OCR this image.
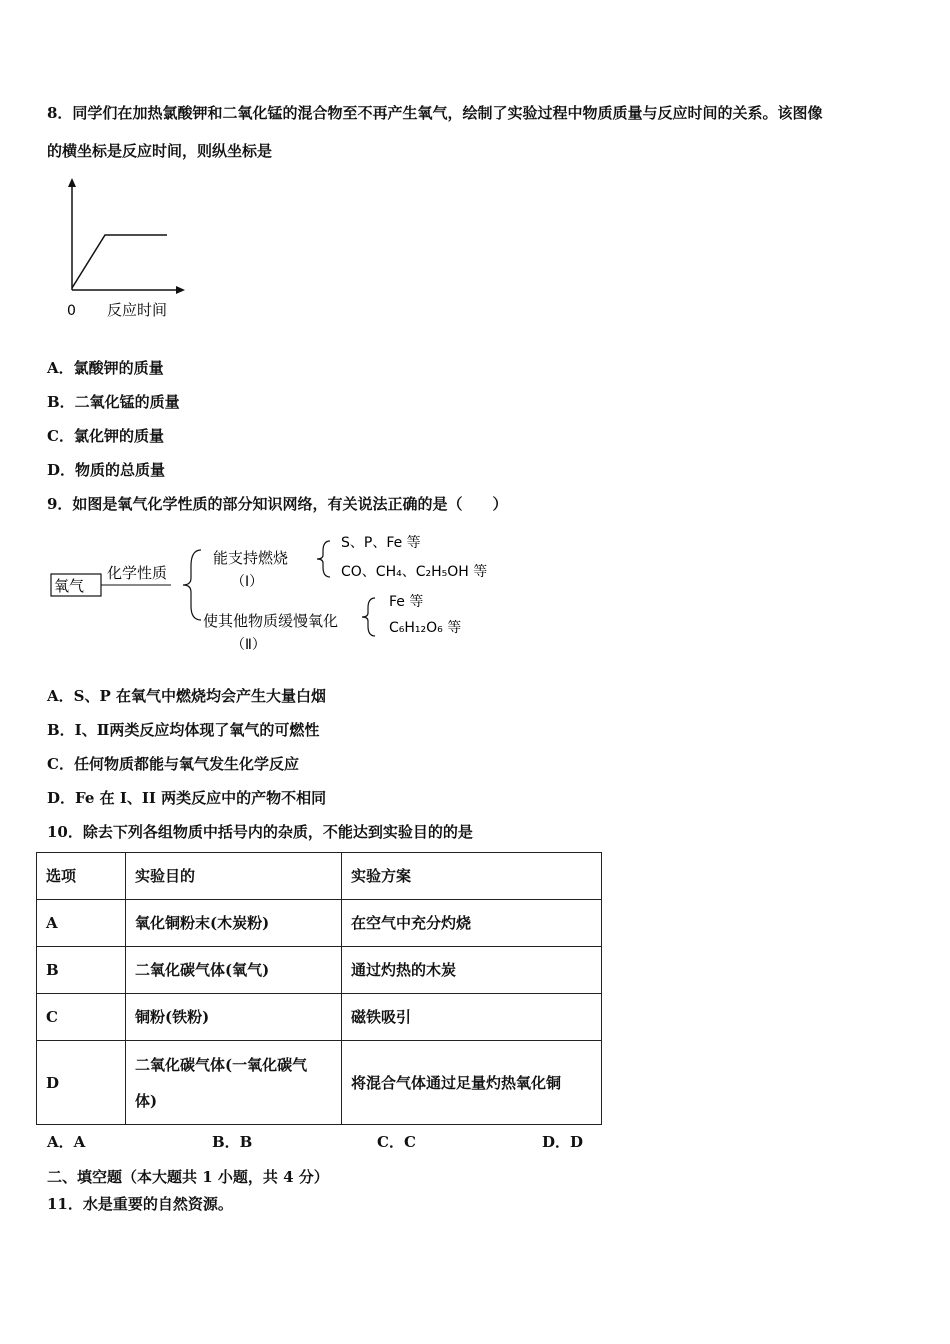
8．同学们在加热氯酸钾和二氧化锰的混合物至不再产生氧气，绘制了实验过程中物质质量与反应时间的关系。该图像
的横坐标是反应时间，则纵坐标是
0 反应时间
A．氯酸钾的质量
B．二氧化锰的质量
C．氯化钾的质量
D．物质的总质量
9．如图是氧气化学性质的部分知识网络，有关说法正确的是（　　）
氧气
化学性质
能支持燃烧
（Ⅰ）
S、P、Fe 等
CO、CH₄、C₂H₅OH 等
使其他物质缓慢氧化
（Ⅱ）
Fe 等
C₆H₁₂O₆ 等
A．S、P 在氧气中燃烧均会产生大量白烟
B．I、Ⅱ两类反应均体现了氧气的可燃性
C．任何物质都能与氧气发生化学反应
D．Fe 在 I、II 两类反应中的产物不相同
10．除去下列各组物质中括号内的杂质，不能达到实验目的的是
选项	实验目的	实验方案
A	氧化铜粉末(木炭粉)	在空气中充分灼烧
B	二氧化碳气体(氧气)	通过灼热的木炭
C	铜粉(铁粉)	磁铁吸引
D	二氧化碳气体(一氧化碳气
体)	将混合气体通过足量灼热氧化铜
A．A	B．B	C．C	D．D
二、填空题（本大题共 1 小题，共 4 分）
11．水是重要的自然资源。
